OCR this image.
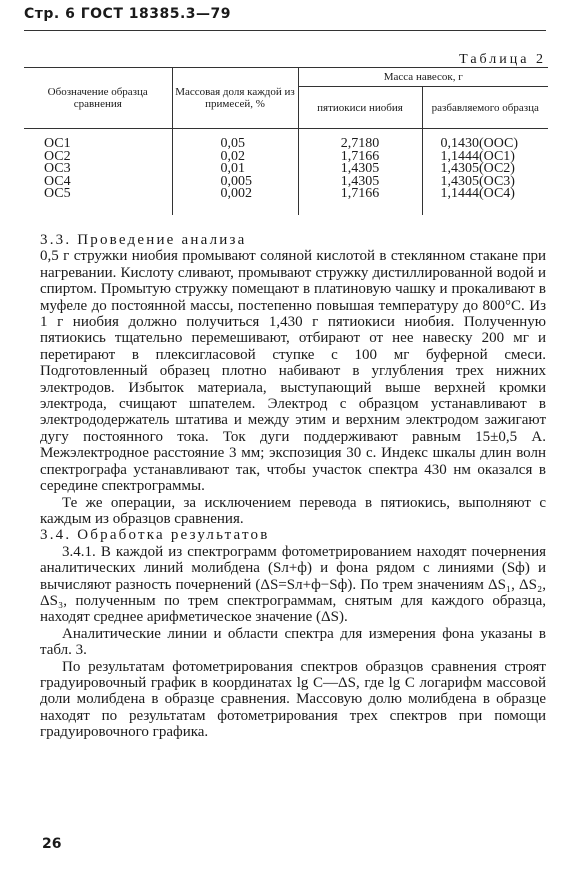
Стр. 6 ГОСТ 18385.3—79
Таблица 2
Обозначение образца сравнения	Массовая доля каждой из примесей, %	Масса навесок, г	
		пятиокиси ниобия	разбавляемого образца

ОС1	0,05	2,7180	0,1430(ООС)
ОС2	0,02	1,7166	1,1444(ОС1)
ОС3	0,01	1,4305	1,4305(ОС2)
ОС4	0,005	1,4305	1,4305(ОС3)
ОС5	0,002	1,7166	1,1444(ОС4)

3.3. Проведение анализа

0,5 г стружки ниобия промывают соляной кислотой в стеклянном стакане при нагревании. Кислоту сливают, промывают стружку дистиллированной водой и спиртом. Промытую стружку помещают в платиновую чашку и прокаливают в муфеле до постоянной массы, постепенно повышая температуру до 800°С. Из 1 г ниобия должно получиться 1,430 г пятиокиси ниобия. Полученную пятиокись тщательно перемешивают, отбирают от нее навеску 200 мг и перетирают в плексигласовой ступке с 100 мг буферной смеси. Подготовленный образец плотно набивают в углубления трех нижних электродов. Избыток материала, выступающий выше верхней кромки электрода, счищают шпателем. Электрод с образцом устанавливают в электрододержатель штатива и между этим и верхним электродом зажигают дугу постоянного тока. Ток дуги поддерживают равным 15±0,5 А. Межэлектродное расстояние 3 мм; экспозиция 30 с. Индекс шкалы длин волн спектрографа устанавливают так, чтобы участок спектра 430 нм оказался в середине спектрограммы.

Те же операции, за исключением перевода в пятиокись, выполняют с каждым из образцов сравнения.

3.4. Обработка результатов

3.4.1. В каждой из спектрограмм фотометрированием находят почернения аналитических линий молибдена (Sл+ф) и фона рядом с линиями (Sф) и вычисляют разность почернений (ΔS=Sл+ф−Sф). По трем значениям ΔS₁, ΔS₂, ΔS₃, полученным по трем спектрограммам, снятым для каждого образца, находят среднее арифметическое значение (ΔS).

Аналитические линии и области спектра для измерения фона указаны в табл. 3.

По результатам фотометрирования спектров образцов сравнения строят градуировочный график в координатах lg C—ΔS, где lg C логарифм массовой доли молибдена в образце сравнения. Массовую долю молибдена в образце находят по результатам фотометрирования трех спектров при помощи градуировочного графика.

26
